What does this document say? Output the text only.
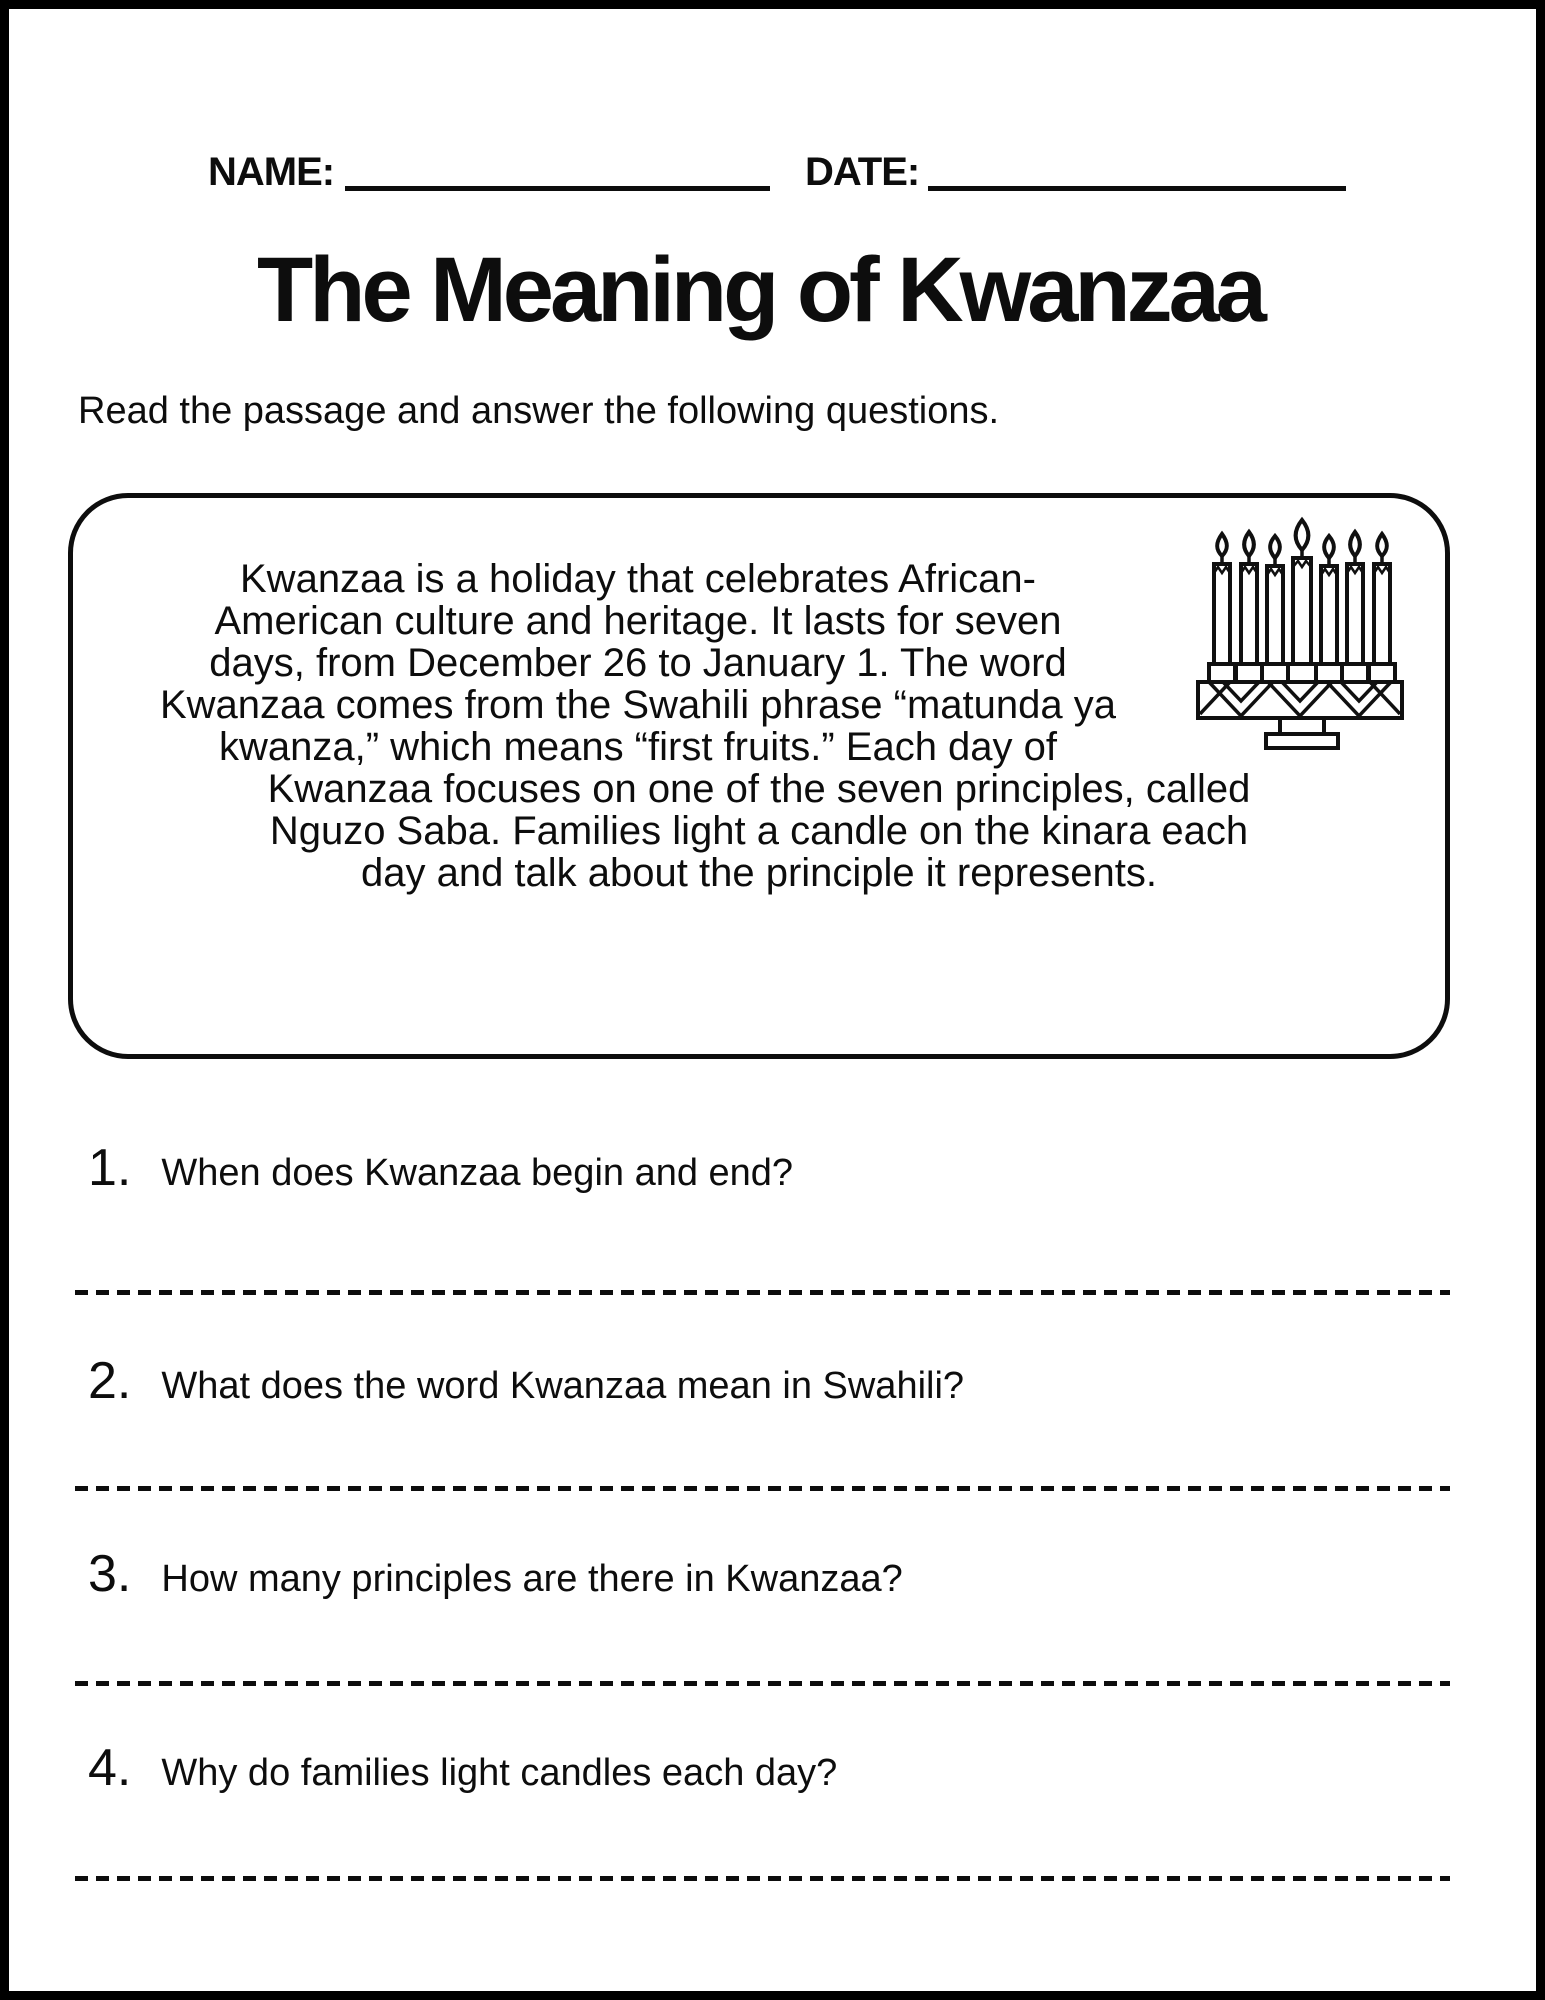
NAME:	DATE:
The Meaning of Kwanzaa
Read the passage and answer the following questions.
Kwanzaa is a holiday that celebrates African-
American culture and heritage. It lasts for seven
days, from December 26 to January 1. The word
Kwanzaa comes from the Swahili phrase “matunda ya
kwanza,” which means “first fruits.” Each day of
Kwanzaa focuses on one of the seven principles, called
Nguzo Saba. Families light a candle on the kinara each
day and talk about the principle it represents.
1. When does Kwanzaa begin and end?
2. What does the word Kwanzaa mean in Swahili?
3. How many principles are there in Kwanzaa?
4. Why do families light candles each day?
